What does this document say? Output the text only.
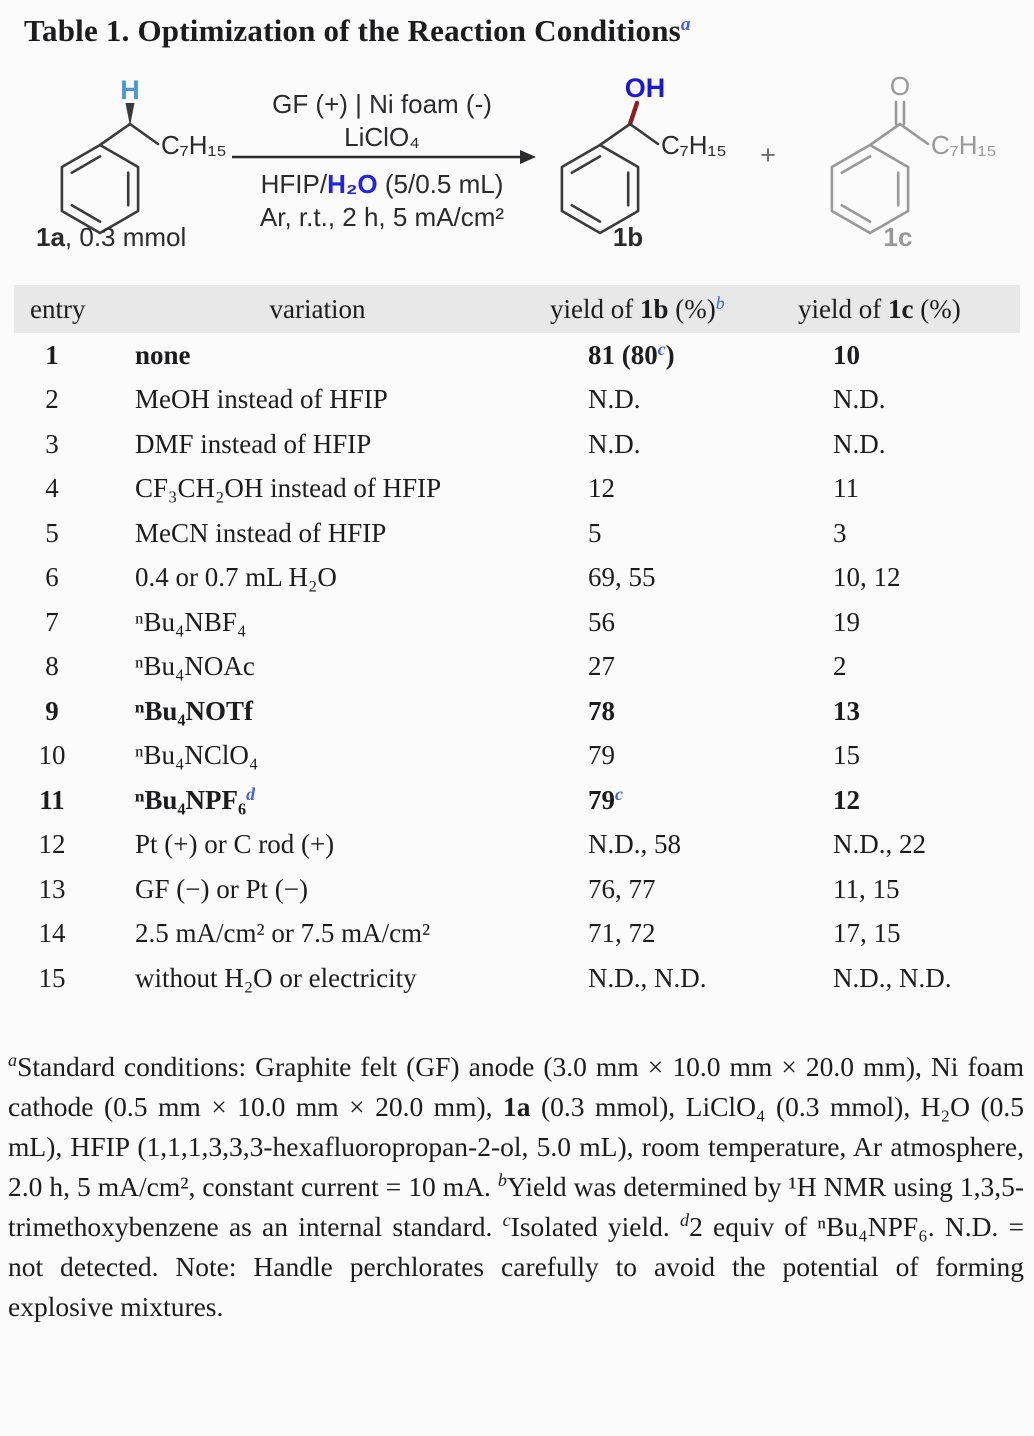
Table 1. Optimization of the Reaction Conditions$^a$
H
C₇H₁₅
1a, 0.3 mmol
GF (+) | Ni foam (-)
LiClO₄
HFIP/H₂O (5/0.5 mL)
Ar, r.t., 2 h, 5 mA/cm²
OH
C₇H₁₅
1b
+
O
C₇H₁₅
1c
entry	variation	yield of 1b (%)$^b$	yield of 1c (%)
1	none	81 (80$^c$)	10
2	MeOH instead of HFIP	N.D.	N.D.
3	DMF instead of HFIP	N.D.	N.D.
4	CF₃CH₂OH instead of HFIP	12	11
5	MeCN instead of HFIP	5	3
6	0.4 or 0.7 mL H₂O	69, 55	10, 12
7	ⁿBu₄NBF₄	56	19
8	ⁿBu₄NOAc	27	2
9	ⁿBu₄NOTf	78	13
10	ⁿBu₄NClO₄	79	15
11	ⁿBu₄NPF₆$^d$	79$^c$	12
12	Pt (+) or C rod (+)	N.D., 58	N.D., 22
13	GF (−) or Pt (−)	76, 77	11, 15
14	2.5 mA/cm² or 7.5 mA/cm²	71, 72	17, 15
15	without H₂O or electricity	N.D., N.D.	N.D., N.D.

$^a$Standard conditions: Graphite felt (GF) anode (3.0 mm × 10.0 mm × 20.0 mm), Ni foam cathode (0.5 mm × 10.0 mm × 20.0 mm), 1a (0.3 mmol), LiClO₄ (0.3 mmol), H₂O (0.5 mL), HFIP (1,1,1,3,3,3-hexafluoropropan-2-ol, 5.0 mL), room temperature, Ar atmosphere, 2.0 h, 5 mA/cm², constant current = 10 mA. $^b$Yield was determined by ¹H NMR using 1,3,5-trimethoxybenzene as an internal standard. $^c$Isolated yield. $^d$2 equiv of ⁿBu₄NPF₆. N.D. = not detected. Note: Handle perchlorates carefully to avoid the potential of forming explosive mixtures.
